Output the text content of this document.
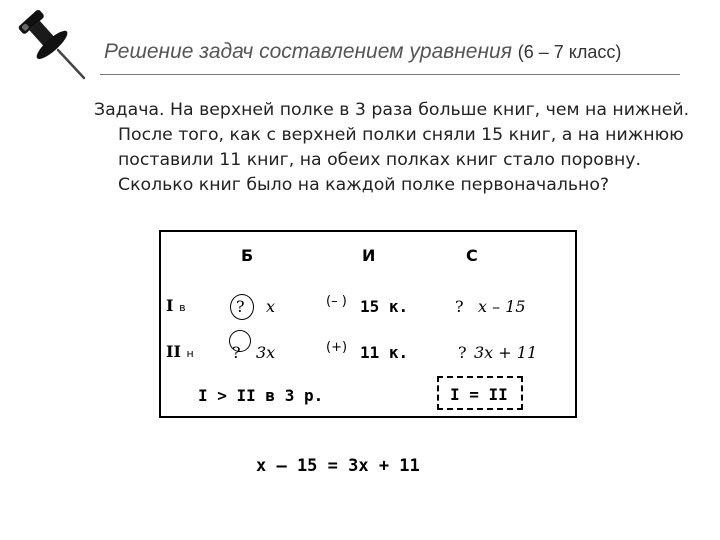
Решение задач составлением уравнения (6 – 7 класс)

Задача. На верхней полке в 3 раза больше книг, чем на нижней. После того, как с верхней полки сняли 15 книг, а на нижнюю поставили 11 книг, на обеих полках книг стало поровну. Сколько книг было на каждой полке первоначально?

Б	И	С
I в	? x	(– ) 15 к.	? x – 15
II н ? 3x	(+) 11 к.	? 3x + 11
I > II в 3 р.	I = II
x – 15 = 3x + 11
